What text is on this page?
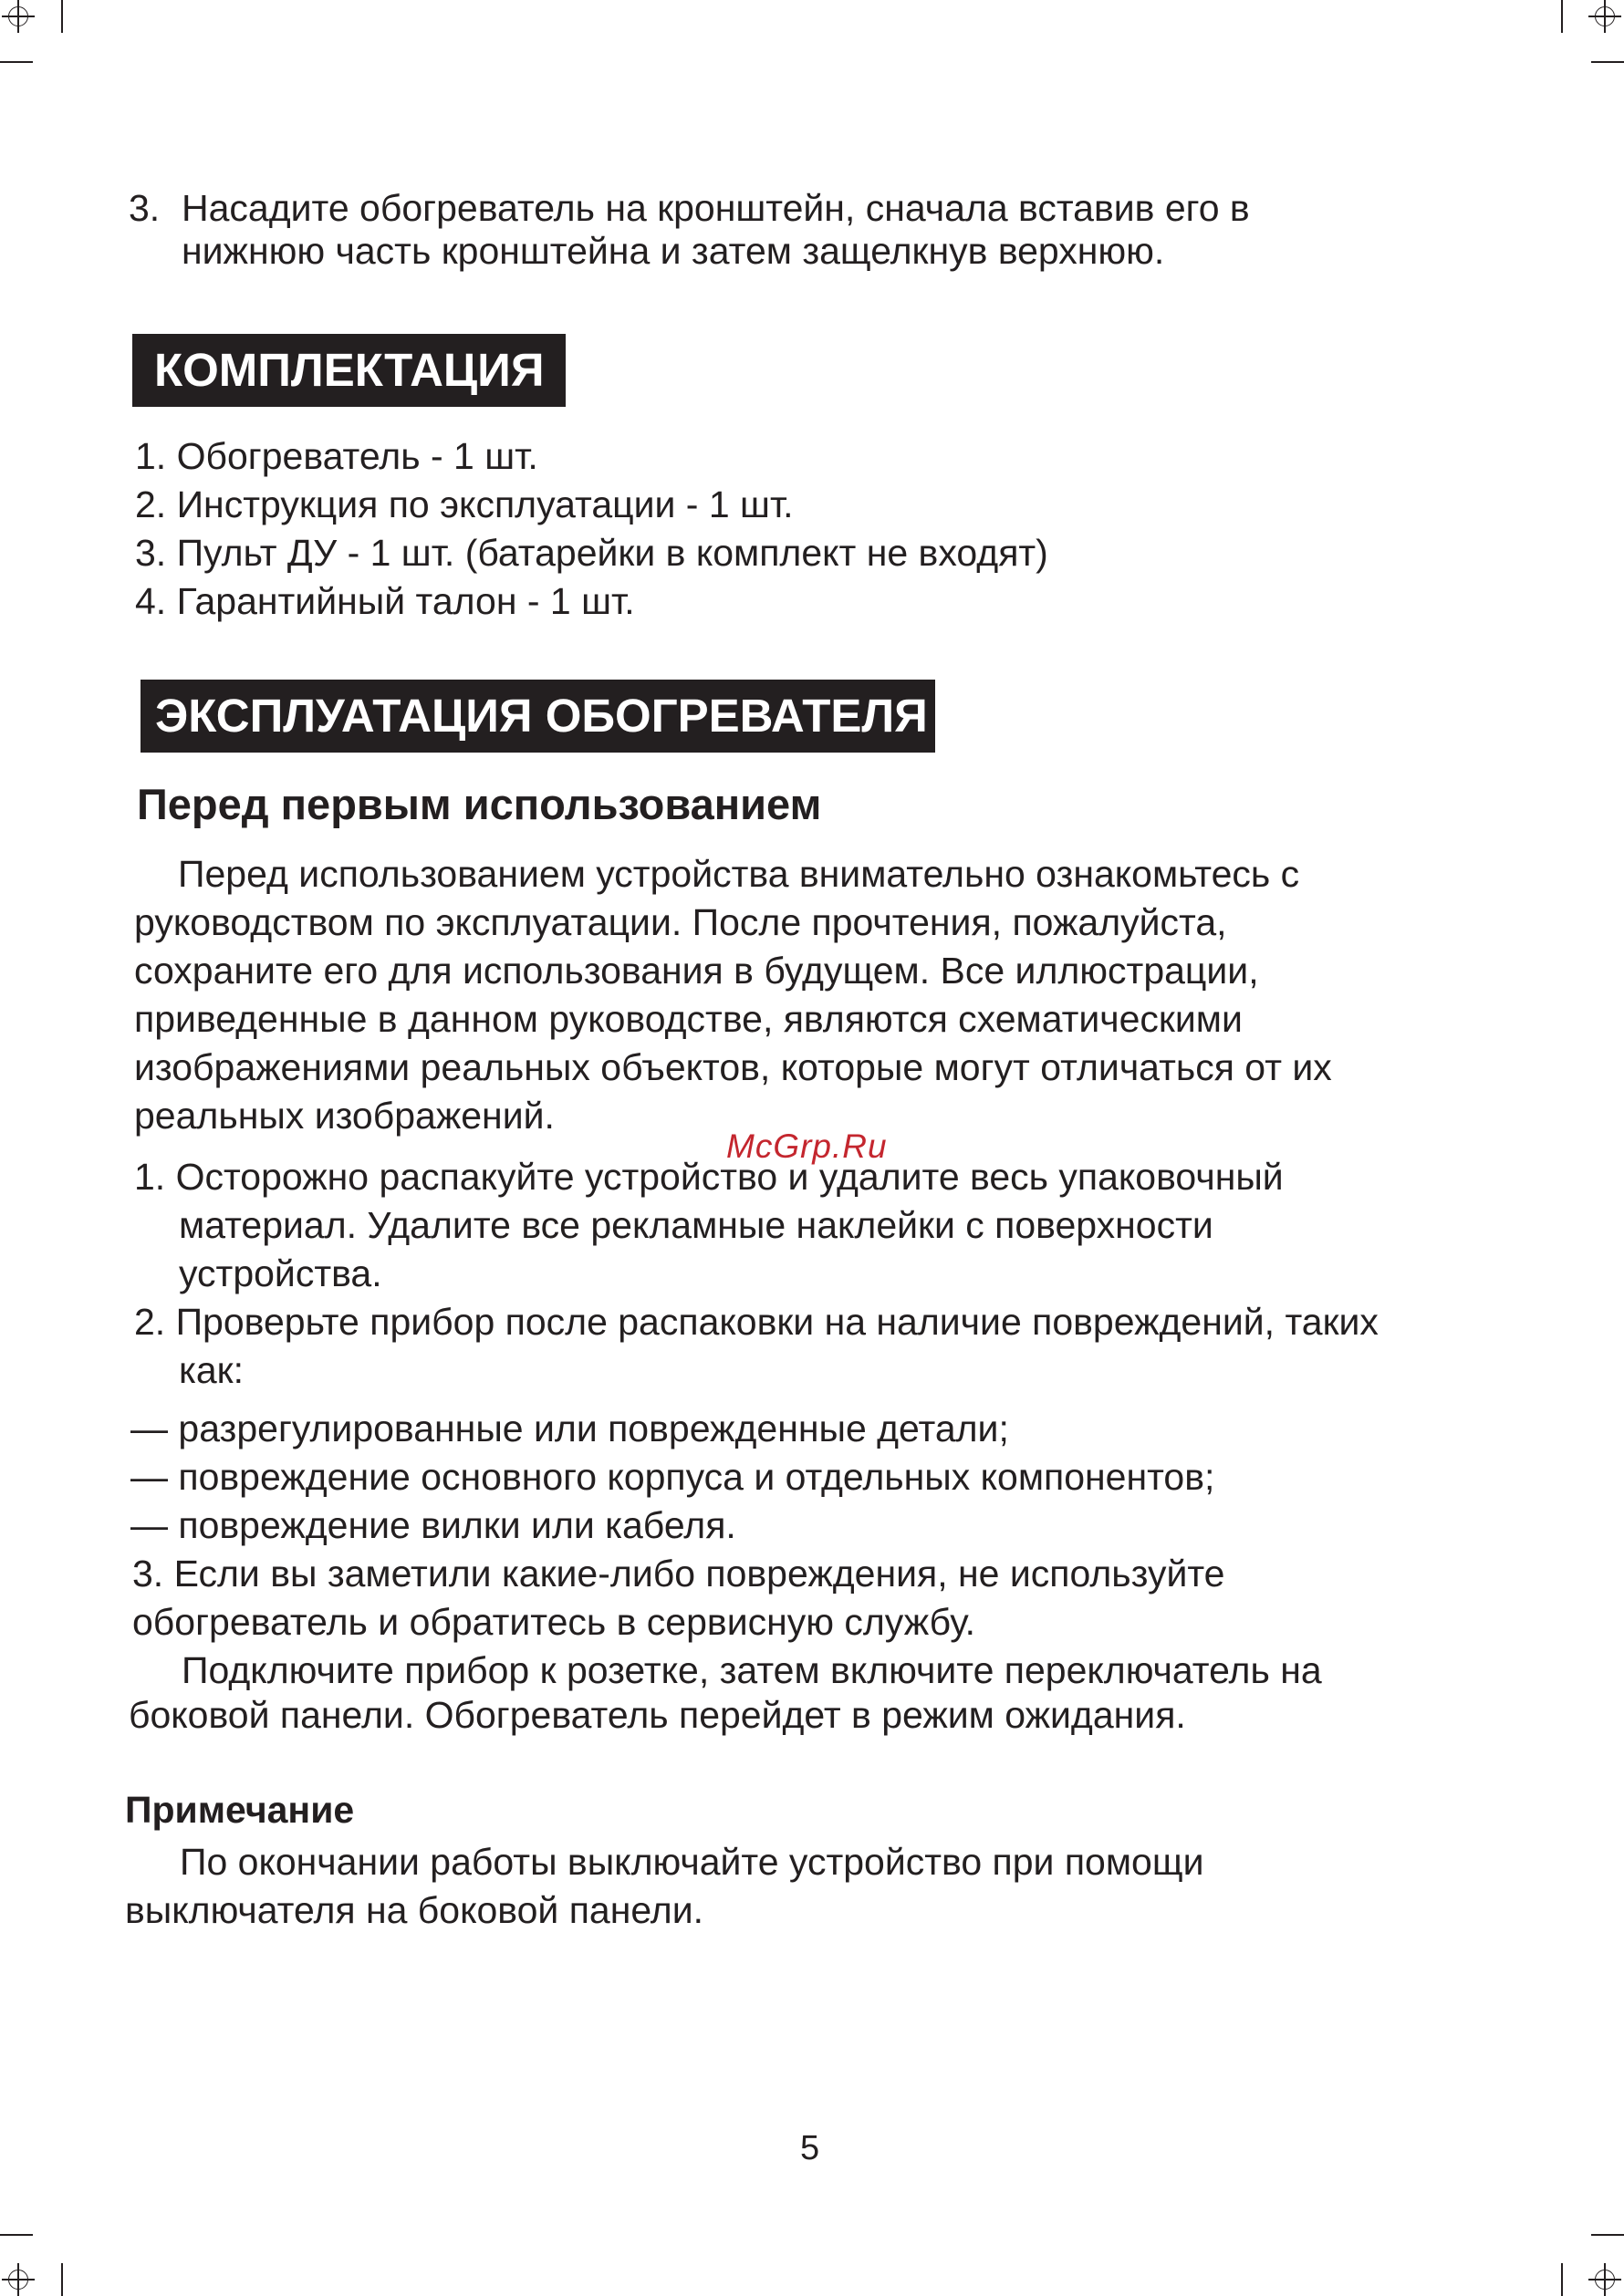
3. Насадите обогреватель на кронштейн, сначала вставив его в
нижнюю часть кронштейна и затем защелкнув верхнюю.
КОМПЛЕКТАЦИЯ
1. Обогреватель - 1 шт.
2. Инструкция по эксплуатации - 1 шт.
3. Пульт ДУ - 1 шт. (батарейки в комплект не входят)
4. Гарантийный талон - 1 шт.
ЭКСПЛУАТАЦИЯ ОБОГРЕВАТЕЛЯ
Перед первым использованием
Перед использованием устройства внимательно ознакомьтесь с
руководством по эксплуатации. После прочтения, пожалуйста,
сохраните его для использования в будущем. Все иллюстрации,
приведенные в данном руководстве, являются схематическими
изображениями реальных объектов, которые могут отличаться от их
реальных изображений.
McGrp.Ru
1. Осторожно распакуйте устройство и удалите весь упаковочный
материал. Удалите все рекламные наклейки с поверхности
устройства.
2. Проверьте прибор после распаковки на наличие повреждений, таких
как:
— разрегулированные или поврежденные детали;
— повреждение основного корпуса и отдельных компонентов;
— повреждение вилки или кабеля.
3. Если вы заметили какие-либо повреждения, не используйте
обогреватель и обратитесь в сервисную службу.
Подключите прибор к розетке, затем включите переключатель на
боковой панели. Обогреватель перейдет в режим ожидания.
Примечание
По окончании работы выключайте устройство при помощи
выключателя на боковой панели.
5
